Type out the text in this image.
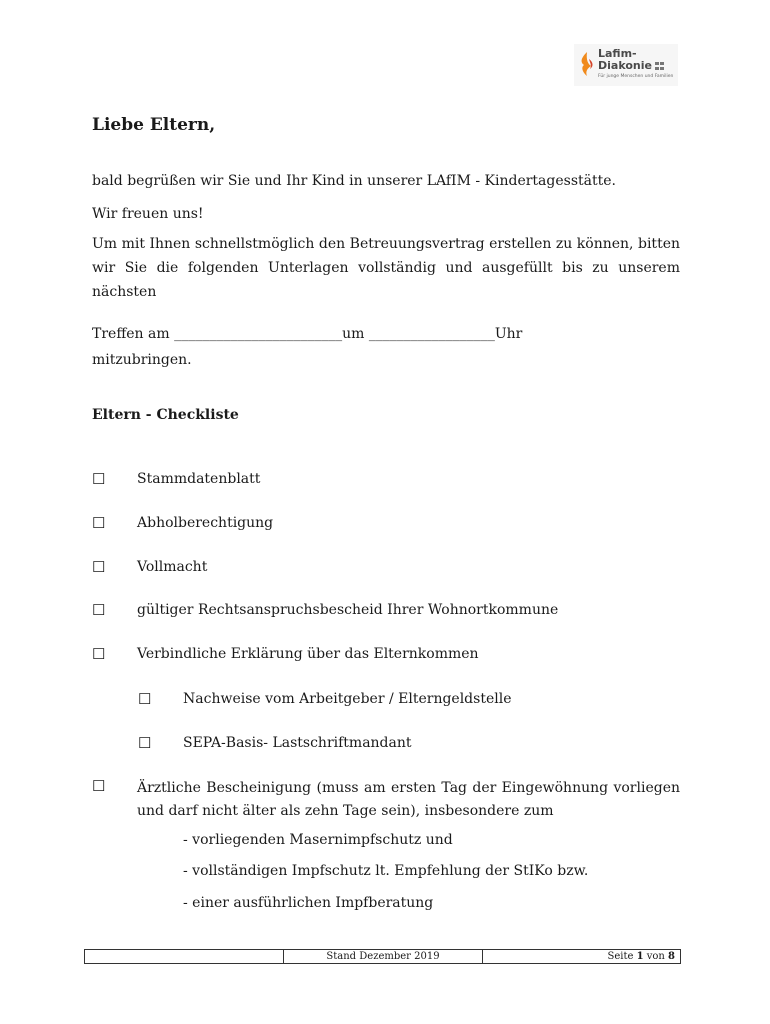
Lafim-
Diakonie
Für junge Menschen und Familien
Liebe Eltern,
bald begrüßen wir Sie und Ihr Kind in unserer LAfIM - Kindertagesstätte.
Wir freuen uns!
Um mit Ihnen schnellstmöglich den Betreuungsvertrag erstellen zu können, bitten
wir Sie die folgenden Unterlagen vollständig und ausgefüllt bis zu unserem nächsten
Treffen am ________________________um __________________Uhr
mitzubringen.
Eltern - Checkliste
☐ Stammdatenblatt
☐ Abholberechtigung
☐ Vollmacht
☐ gültiger Rechtsanspruchsbescheid Ihrer Wohnortkommune
☐ Verbindliche Erklärung über das Elternkommen
☐ Nachweise vom Arbeitgeber / Elterngeldstelle
☐ SEPA-Basis- Lastschriftmandant
☐ Ärztliche Bescheinigung (muss am ersten Tag der Eingewöhnung vorliegen
und darf nicht älter als zehn Tage sein), insbesondere zum
- vorliegenden Masernimpfschutz und
- vollständigen Impfschutz lt. Empfehlung der StIKo bzw.
- einer ausführlichen Impfberatung
Stand Dezember 2019	Seite 1 von 8
